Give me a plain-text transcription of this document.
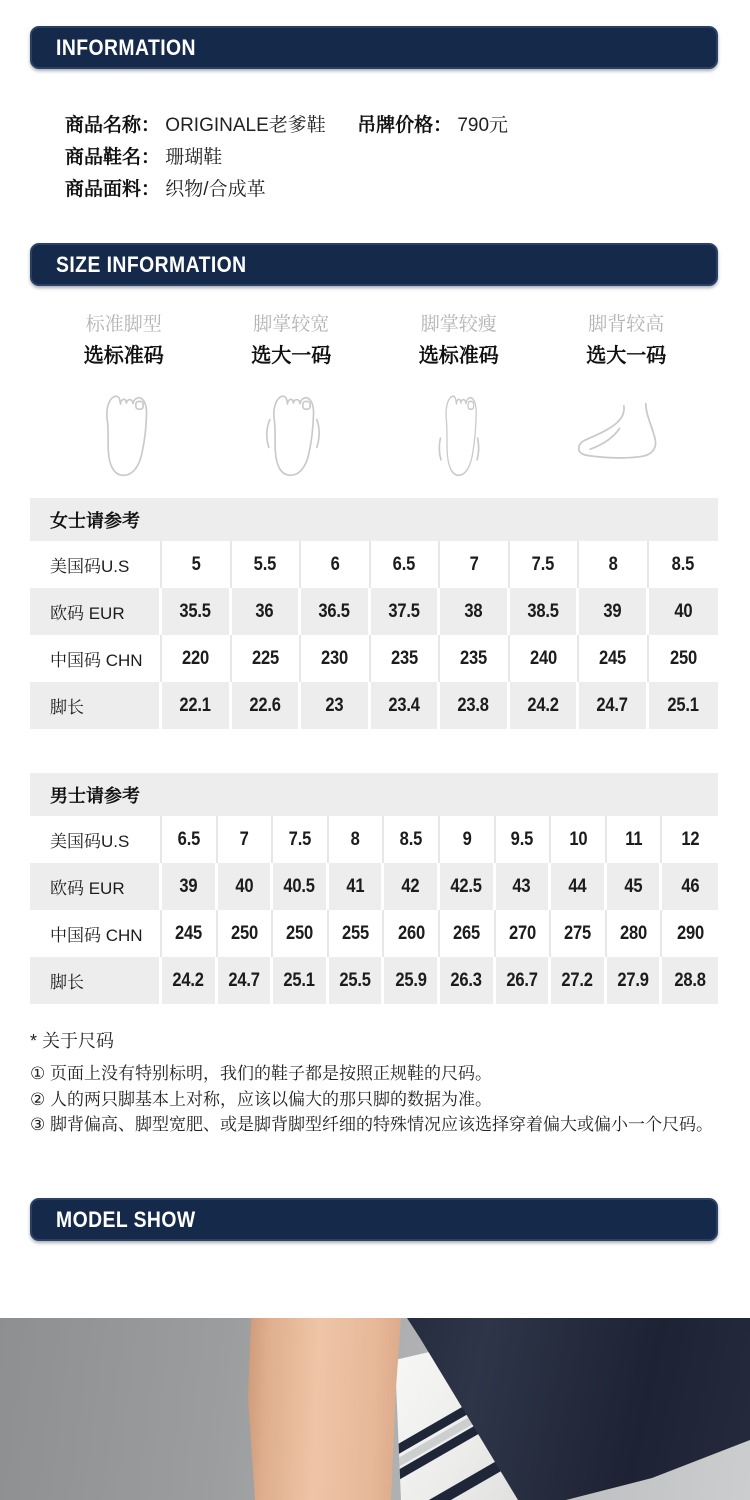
INFORMATION
商品名称： ORIGINALE老爹鞋 吊牌价格： 790元
商品鞋名： 珊瑚鞋
商品面料： 织物/合成革
SIZE INFORMATION
标准脚型
选标准码
脚掌较宽
选大一码
脚掌较瘦
选标准码
脚背较高
选大一码
女士请参考								
美国码U.S	5	5.5	6	6.5	7	7.5	8	8.5
欧码 EUR	35.5	36	36.5	37.5	38	38.5	39	40
中国码 CHN	220	225	230	235	235	240	245	250
脚长	22.1	22.6	23	23.4	23.8	24.2	24.7	25.1
男士请参考										
美国码U.S	6.5	7	7.5	8	8.5	9	9.5	10	11	12
欧码 EUR	39	40	40.5	41	42	42.5	43	44	45	46
中国码 CHN	245	250	250	255	260	265	270	275	280	290
脚长	24.2	24.7	25.1	25.5	25.9	26.3	26.7	27.2	27.9	28.8
* 关于尺码
① 页面上没有特别标明，我们的鞋子都是按照正规鞋的尺码。
② 人的两只脚基本上对称，应该以偏大的那只脚的数据为准。
③ 脚背偏高、脚型宽肥、或是脚背脚型纤细的特殊情况应该选择穿着偏大或偏小一个尺码。
MODEL SHOW
